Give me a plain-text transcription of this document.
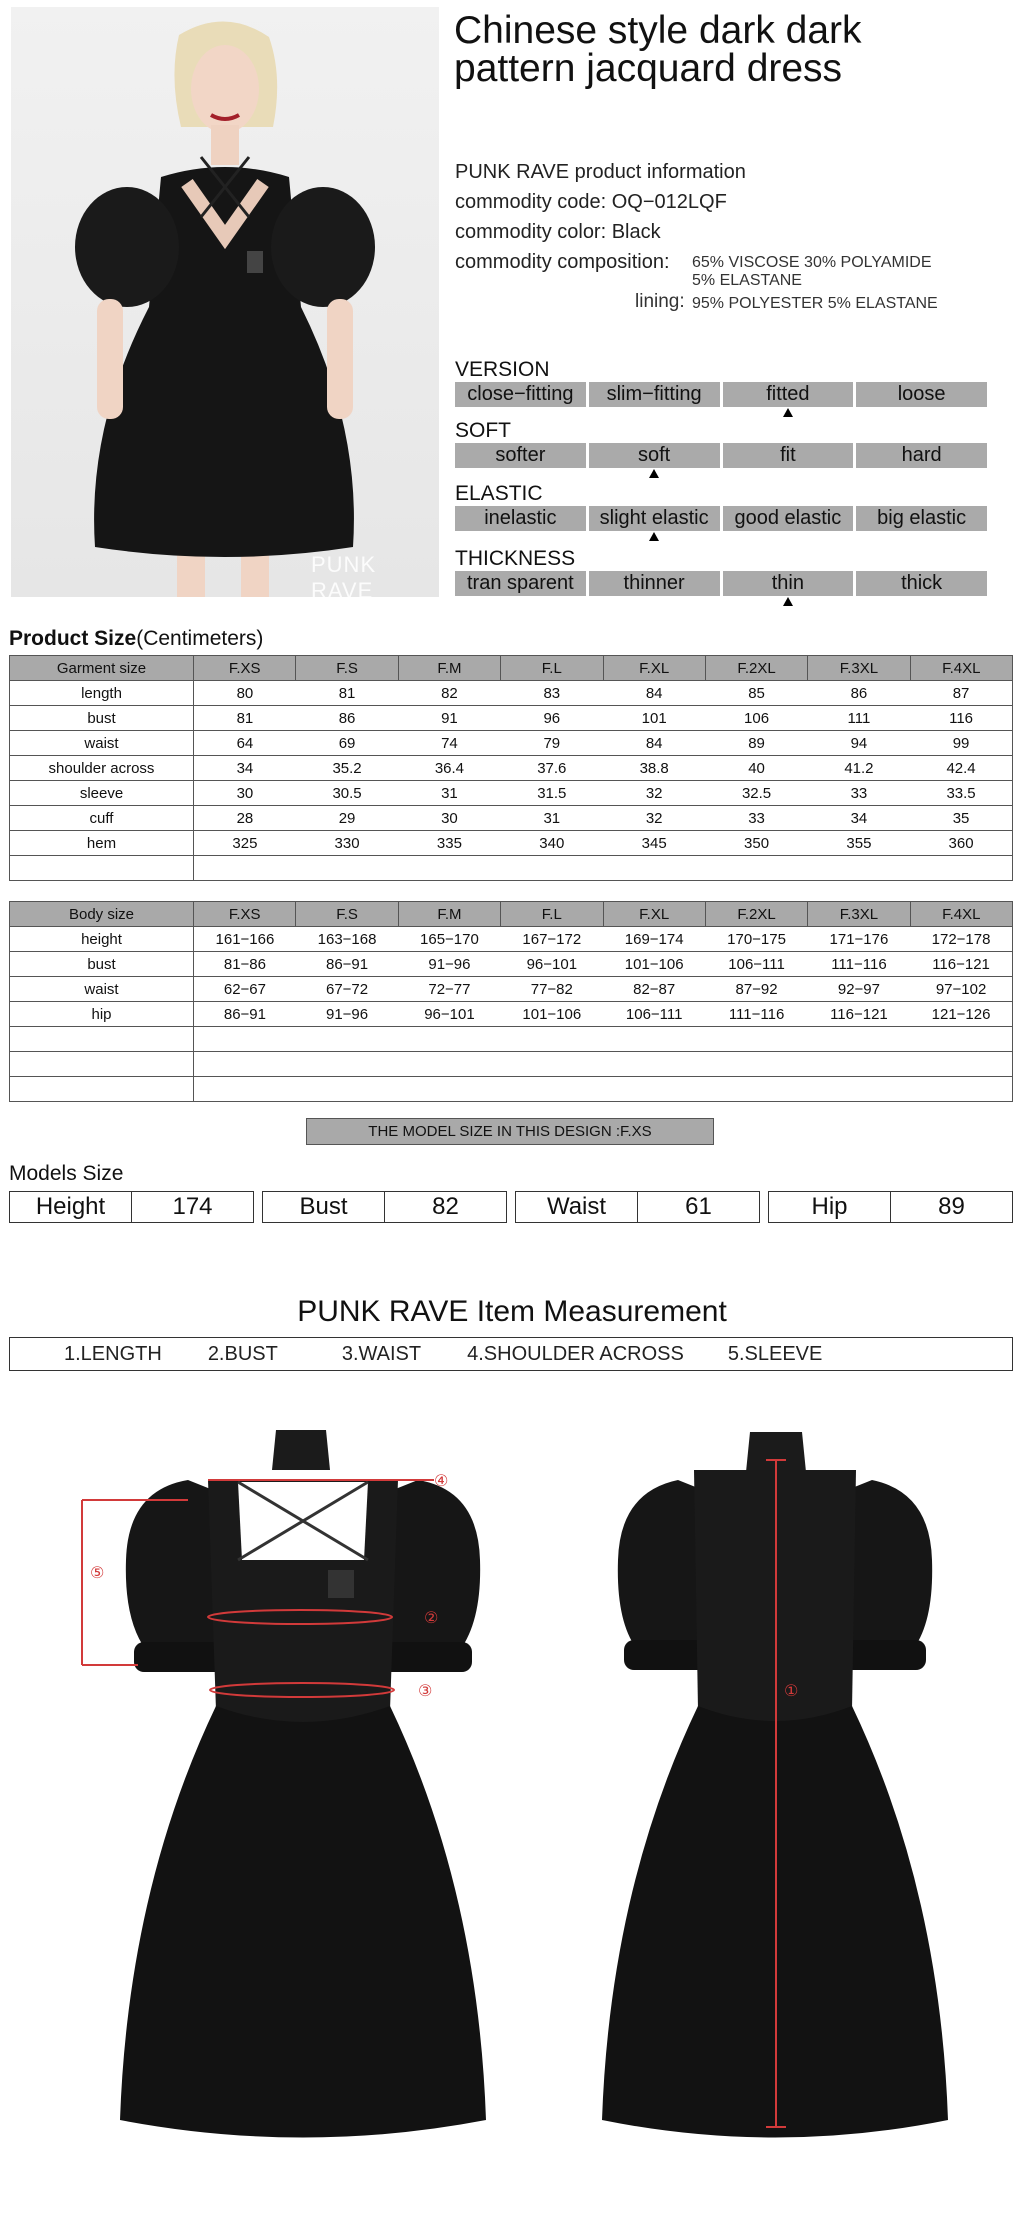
PUNK RAVE
Chinese style dark dark
pattern jacquard dress
PUNK RAVE product information
commodity code: OQ−012LQF
commodity color: Black
commodity composition:	65% VISCOSE 30% POLYAMIDE
5% ELASTANE
lining: 95% POLYESTER 5% ELASTANE
VERSION
close−fitting	slim−fitting	fitted	loose
SOFT
softer	soft	fit	hard
ELASTIC
inelastic	slight elastic	good elastic	big elastic
THICKNESS
tran sparent	thinner	thin	thick
Product Size(Centimeters)
Garment size	F.XS	F.S	F.M	F.L	F.XL	F.2XL	F.3XL	F.4XL
length	80	81	82	83	84	85	86	87
bust	81	86	91	96	101	106	111	116
waist	64	69	74	79	84	89	94	99
shoulder across	34	35.2	36.4	37.6	38.8	40	41.2	42.4
sleeve	30	30.5	31	31.5	32	32.5	33	33.5
cuff	28	29	30	31	32	33	34	35
hem	325	330	335	340	345	350	355	360

Body size	F.XS	F.S	F.M	F.L	F.XL	F.2XL	F.3XL	F.4XL
height	161−166	163−168	165−170	167−172	169−174	170−175	171−176	172−178
bust	81−86	86−91	91−96	96−101	101−106	106−111	111−116	116−121
waist	62−67	67−72	72−77	77−82	82−87	87−92	92−97	97−102
hip	86−91	91−96	96−101	101−106	106−111	111−116	116−121	121−126

THE MODEL SIZE IN THIS DESIGN :F.XS
Models Size
Height	174	Bust	82	Waist	61	Hip	89
PUNK RAVE Item Measurement
1.LENGTH 2.BUST	3.WAIST 4.SHOULDER ACROSS 5.SLEEVE
⑤
④
②
③	①
